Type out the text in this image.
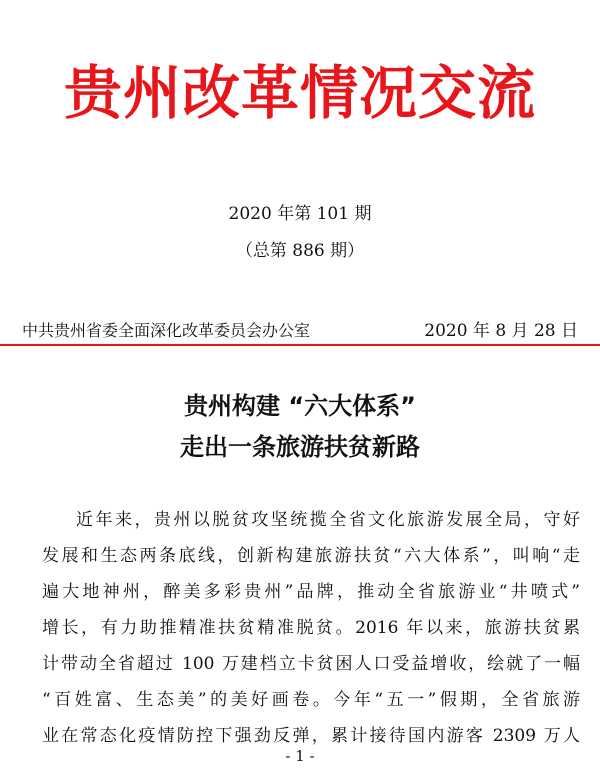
贵州改革情况交流
2020 年第 101 期
（总第 886 期）
中共贵州省委全面深化改革委员会办公室	2020 年 8 月 28 日
贵州构建 “六大体系”
走出一条旅游扶贫新路
近年来，贵州以脱贫攻坚统揽全省文化旅游发展全局，守好
发展和生态两条底线，创新构建旅游扶贫“六大体系”，叫响“走
遍大地神州，醉美多彩贵州”品牌，推动全省旅游业“井喷式”
增长，有力助推精准扶贫精准脱贫。2016 年以来，旅游扶贫累
计带动全省超过 100 万建档立卡贫困人口受益增收，绘就了一幅
“百姓富、生态美”的美好画卷。今年“五一”假期，全省旅游
业在常态化疫情防控下强劲反弹，累计接待国内游客 2309 万人
- 1 -
